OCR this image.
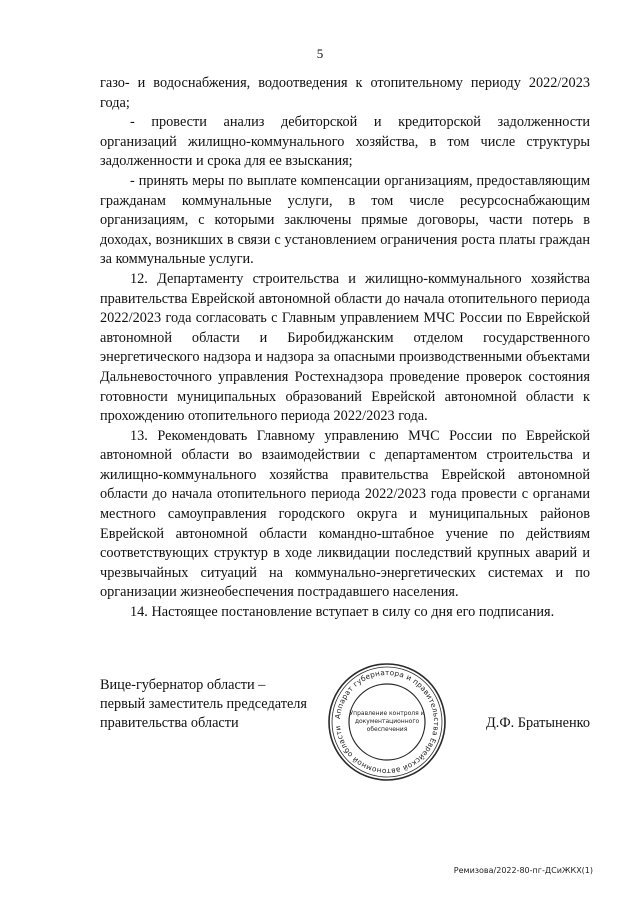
5

газо- и водоснабжения, водоотведения к отопительному периоду 2022/2023 года;

- провести анализ дебиторской и кредиторской задолженности организаций жилищно-коммунального хозяйства, в том числе структуры задолженности и срока для ее взыскания;

- принять меры по выплате компенсации организациям, предоставляющим гражданам коммунальные услуги, в том числе ресурсоснабжающим организациям, с которыми заключены прямые договоры, части потерь в доходах, возникших в связи с установлением ограничения роста платы граждан за коммунальные услуги.

12. Департаменту строительства и жилищно-коммунального хозяйства правительства Еврейской автономной области до начала отопительного периода 2022/2023 года согласовать с Главным управлением МЧС России по Еврейской автономной области и Биробиджанским отделом государственного энергетического надзора и надзора за опасными производственными объектами Дальневосточного управления Ростехнадзора проведение проверок состояния готовности муниципальных образований Еврейской автономной области к прохождению отопительного периода 2022/2023 года.

13. Рекомендовать Главному управлению МЧС России по Еврейской автономной области во взаимодействии с департаментом строительства и жилищно-коммунального хозяйства правительства Еврейской автономной области до начала отопительного периода 2022/2023 года провести с органами местного самоуправления городского округа и муниципальных районов Еврейской автономной области командно-штабное учение по действиям соответствующих структур в ходе ликвидации последствий крупных аварий и чрезвычайных ситуаций на коммунально-энергетических системах и по организации жизнеобеспечения пострадавшего населения.

14. Настоящее постановление вступает в силу со дня его подписания.

Вице-губернатор области –
первый заместитель председателя
правительства области	Аппарат губернатора и правительства Еврейской автономной области
Управление контроля и
документационного
обеспечения	Д.Ф. Братыненко
Ремизова/2022-80-пг-ДСиЖКХ(1)
